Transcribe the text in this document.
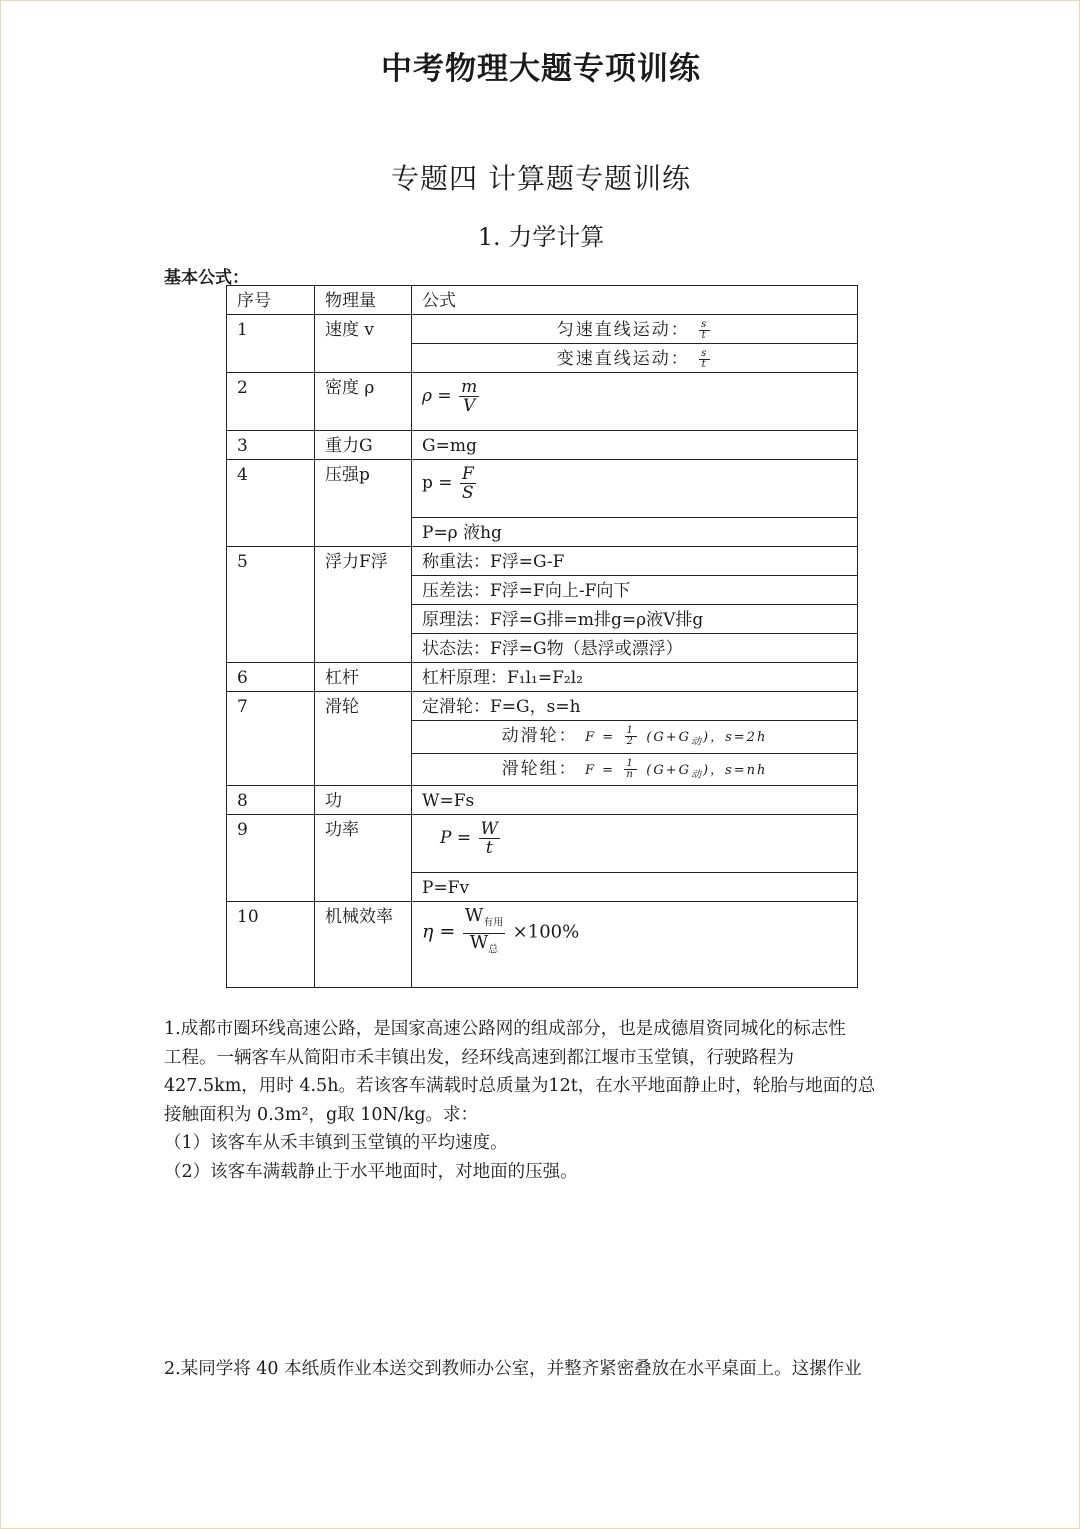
中考物理大题专项训练
专题四 计算题专题训练
1. 力学计算
基本公式：
序号	物理量	公式
1	速度 v	匀速直线运动： $\frac{s}{t}$

		变速直线运动： $\frac{s}{t}$

2	密度 ρ	$\rho = \frac{m}{V}$

3	重力G	G=mg
4	压强p	$p = \frac{F}{S}$

		P=ρ 液hg
5	浮力F浮	称重法：F浮=G-F
		压差法：F浮=F向上-F向下
		原理法：F浮=G排=m排g=ρ液V排g
		状态法：F浮=G物（悬浮或漂浮）
6	杠杆	杠杆原理：F₁l₁=F₂l₂
7	滑轮	定滑轮：F=G，s=h
		动滑轮： $F = \frac{1}{2} (G+G_动)$，s=2h
		滑轮组： $F = \frac{1}{n} (G+G_动)$，s=nh
8	功	W=Fs
9	功率	$P = \frac{W}{t}$

		P=Fv
10	机械效率	$\eta = \frac{W_{有用}}{W_总} \times 100\%$
1.成都市圈环线高速公路，是国家高速公路网的组成部分，也是成德眉资同城化的标志性
工程。一辆客车从简阳市禾丰镇出发，经环线高速到都江堰市玉堂镇，行驶路程为
427.5km，用时 4.5h。若该客车满载时总质量为12t，在水平地面静止时，轮胎与地面的总
接触面积为 0.3m²，g取 10N/kg。求：
（1）该客车从禾丰镇到玉堂镇的平均速度。
（2）该客车满载静止于水平地面时，对地面的压强。
2.某同学将 40 本纸质作业本送交到教师办公室，并整齐紧密叠放在水平桌面上。这摞作业
